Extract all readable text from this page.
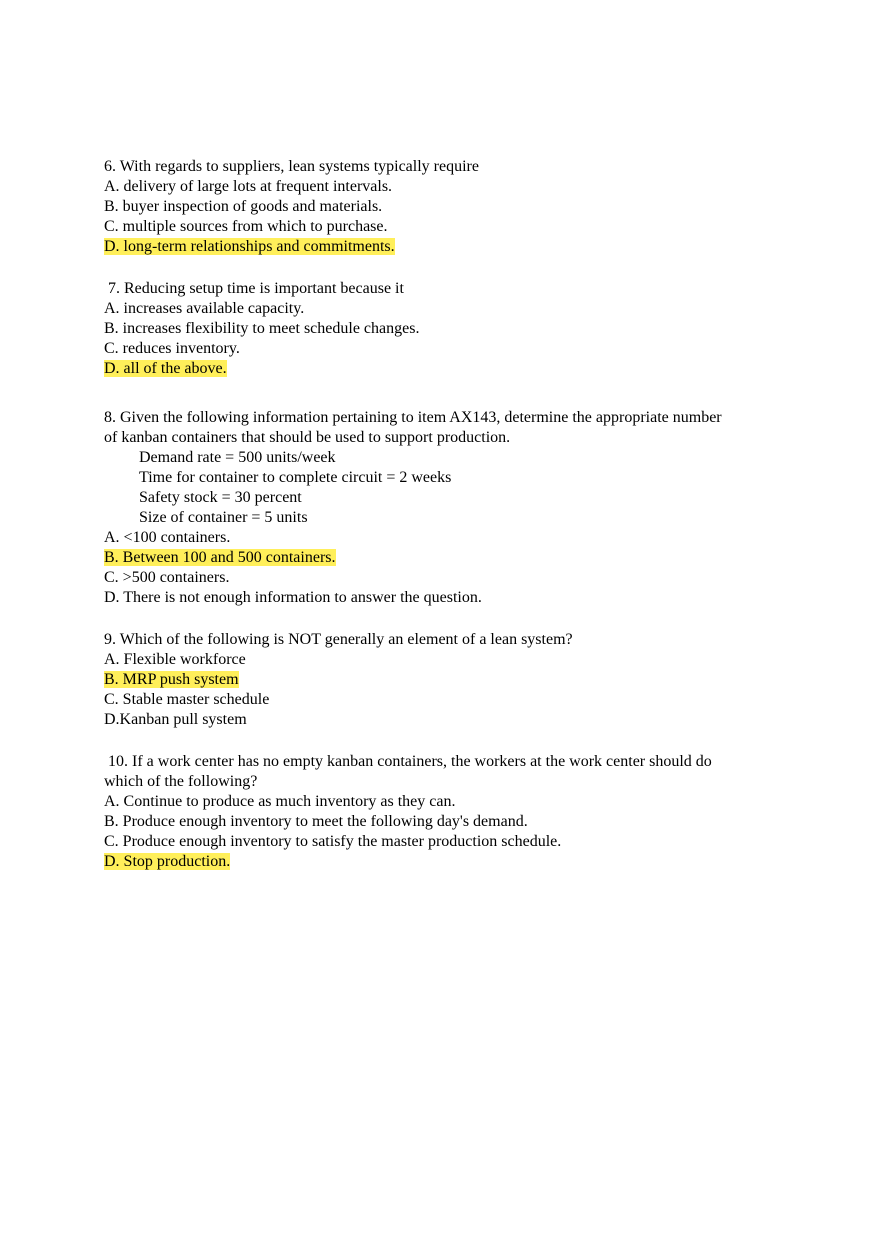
6. With regards to suppliers, lean systems typically require
A. delivery of large lots at frequent intervals.
B. buyer inspection of goods and materials.
C. multiple sources from which to purchase.
D. long-term relationships and commitments.
7. Reducing setup time is important because it
A. increases available capacity.
B. increases flexibility to meet schedule changes.
C. reduces inventory.
D. all of the above.
8. Given the following information pertaining to item AX143, determine the appropriate number
of kanban containers that should be used to support production.
Demand rate = 500 units/week
Time for container to complete circuit = 2 weeks
Safety stock = 30 percent
Size of container = 5 units
A. <100 containers.
B. Between 100 and 500 containers.
C. >500 containers.
D. There is not enough information to answer the question.
9. Which of the following is NOT generally an element of a lean system?
A. Flexible workforce
B. MRP push system
C. Stable master schedule
D.Kanban pull system
10. If a work center has no empty kanban containers, the workers at the work center should do
which of the following?
A. Continue to produce as much inventory as they can.
B. Produce enough inventory to meet the following day's demand.
C. Produce enough inventory to satisfy the master production schedule.
D. Stop production.
